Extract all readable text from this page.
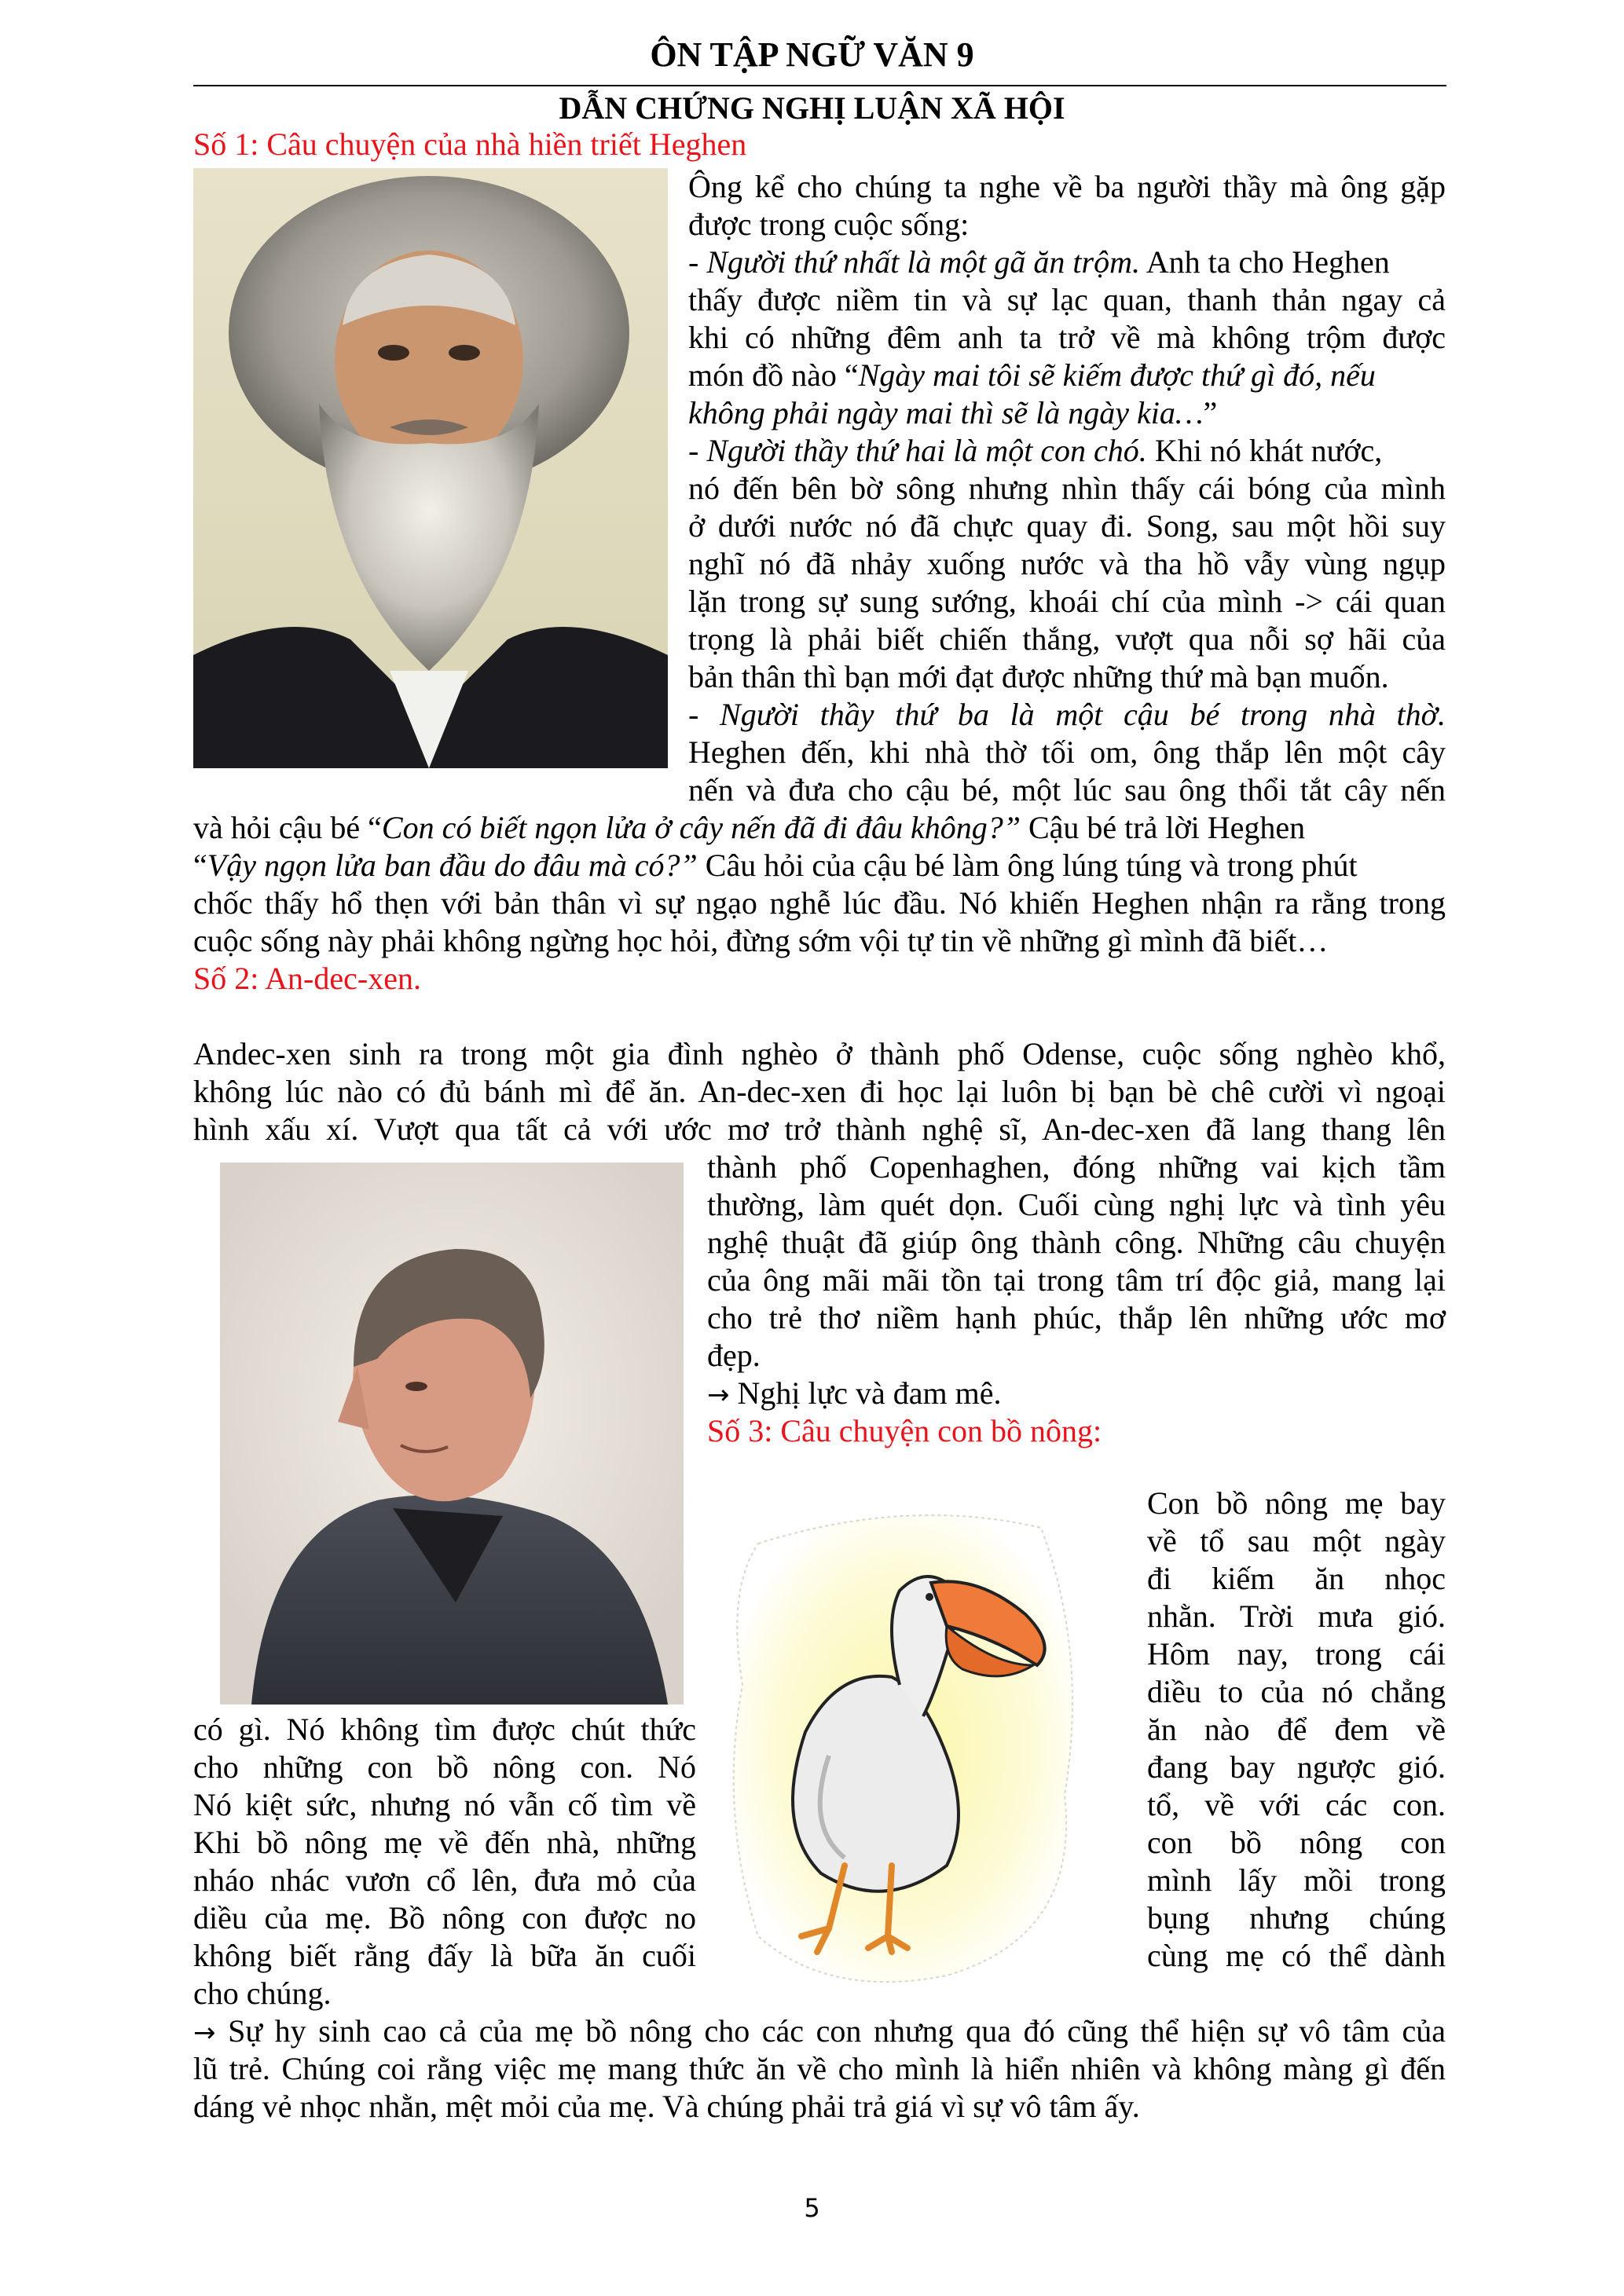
ÔN TẬP NGỮ VĂN 9
DẪN CHỨNG NGHỊ LUẬN XÃ HỘI
Số 1: Câu chuyện của nhà hiền triết Heghen
Ông kể cho chúng ta nghe về ba người thầy mà ông gặp
được trong cuộc sống:
- Người thứ nhất là một gã ăn trộm. Anh ta cho Heghen
thấy được niềm tin và sự lạc quan, thanh thản ngay cả
khi có những đêm anh ta trở về mà không trộm được
món đồ nào “Ngày mai tôi sẽ kiếm được thứ gì đó, nếu
không phải ngày mai thì sẽ là ngày kia…”
- Người thầy thứ hai là một con chó. Khi nó khát nước,
nó đến bên bờ sông nhưng nhìn thấy cái bóng của mình
ở dưới nước nó đã chực quay đi. Song, sau một hồi suy
nghĩ nó đã nhảy xuống nước và tha hồ vẫy vùng ngụp
lặn trong sự sung sướng, khoái chí của mình -> cái quan
trọng là phải biết chiến thắng, vượt qua nỗi sợ hãi của
bản thân thì bạn mới đạt được những thứ mà bạn muốn.
- Người thầy thứ ba là một cậu bé trong nhà thờ.
Heghen đến, khi nhà thờ tối om, ông thắp lên một cây
nến và đưa cho cậu bé, một lúc sau ông thổi tắt cây nến
và hỏi cậu bé “Con có biết ngọn lửa ở cây nến đã đi đâu không?” Cậu bé trả lời Heghen
“Vậy ngọn lửa ban đầu do đâu mà có?” Câu hỏi của cậu bé làm ông lúng túng và trong phút
chốc thấy hổ thẹn với bản thân vì sự ngạo nghễ lúc đầu. Nó khiến Heghen nhận ra rằng trong
cuộc sống này phải không ngừng học hỏi, đừng sớm vội tự tin về những gì mình đã biết…
Số 2: An-dec-xen.
Andec-xen sinh ra trong một gia đình nghèo ở thành phố Odense, cuộc sống nghèo khổ,
không lúc nào có đủ bánh mì để ăn. An-dec-xen đi học lại luôn bị bạn bè chê cười vì ngoại
hình xấu xí. Vượt qua tất cả với ước mơ trở thành nghệ sĩ, An-dec-xen đã lang thang lên
thành phố Copenhaghen, đóng những vai kịch tầm
thường, làm quét dọn. Cuối cùng nghị lực và tình yêu
nghệ thuật đã giúp ông thành công. Những câu chuyện
của ông mãi mãi tồn tại trong tâm trí độc giả, mang lại
cho trẻ thơ niềm hạnh phúc, thắp lên những ước mơ
đẹp.
→ Nghị lực và đam mê.
Số 3: Câu chuyện con bồ nông:
Con bồ nông mẹ bay
về tổ sau một ngày
đi kiếm ăn nhọc
nhằn. Trời mưa gió.
Hôm nay, trong cái
diều to của nó chẳng
ăn nào để đem về
đang bay ngược gió.
tổ, về với các con.
con bồ nông con
mình lấy mồi trong
bụng nhưng chúng
cùng mẹ có thể dành
có gì. Nó không tìm được chút thức
cho những con bồ nông con. Nó
Nó kiệt sức, nhưng nó vẫn cố tìm về
Khi bồ nông mẹ về đến nhà, những
nháo nhác vươn cổ lên, đưa mỏ của
diều của mẹ. Bồ nông con được no
không biết rằng đấy là bữa ăn cuối
cho chúng.
→ Sự hy sinh cao cả của mẹ bồ nông cho các con nhưng qua đó cũng thể hiện sự vô tâm của
lũ trẻ. Chúng coi rằng việc mẹ mang thức ăn về cho mình là hiển nhiên và không màng gì đến
dáng vẻ nhọc nhằn, mệt mỏi của mẹ. Và chúng phải trả giá vì sự vô tâm ấy.
5
